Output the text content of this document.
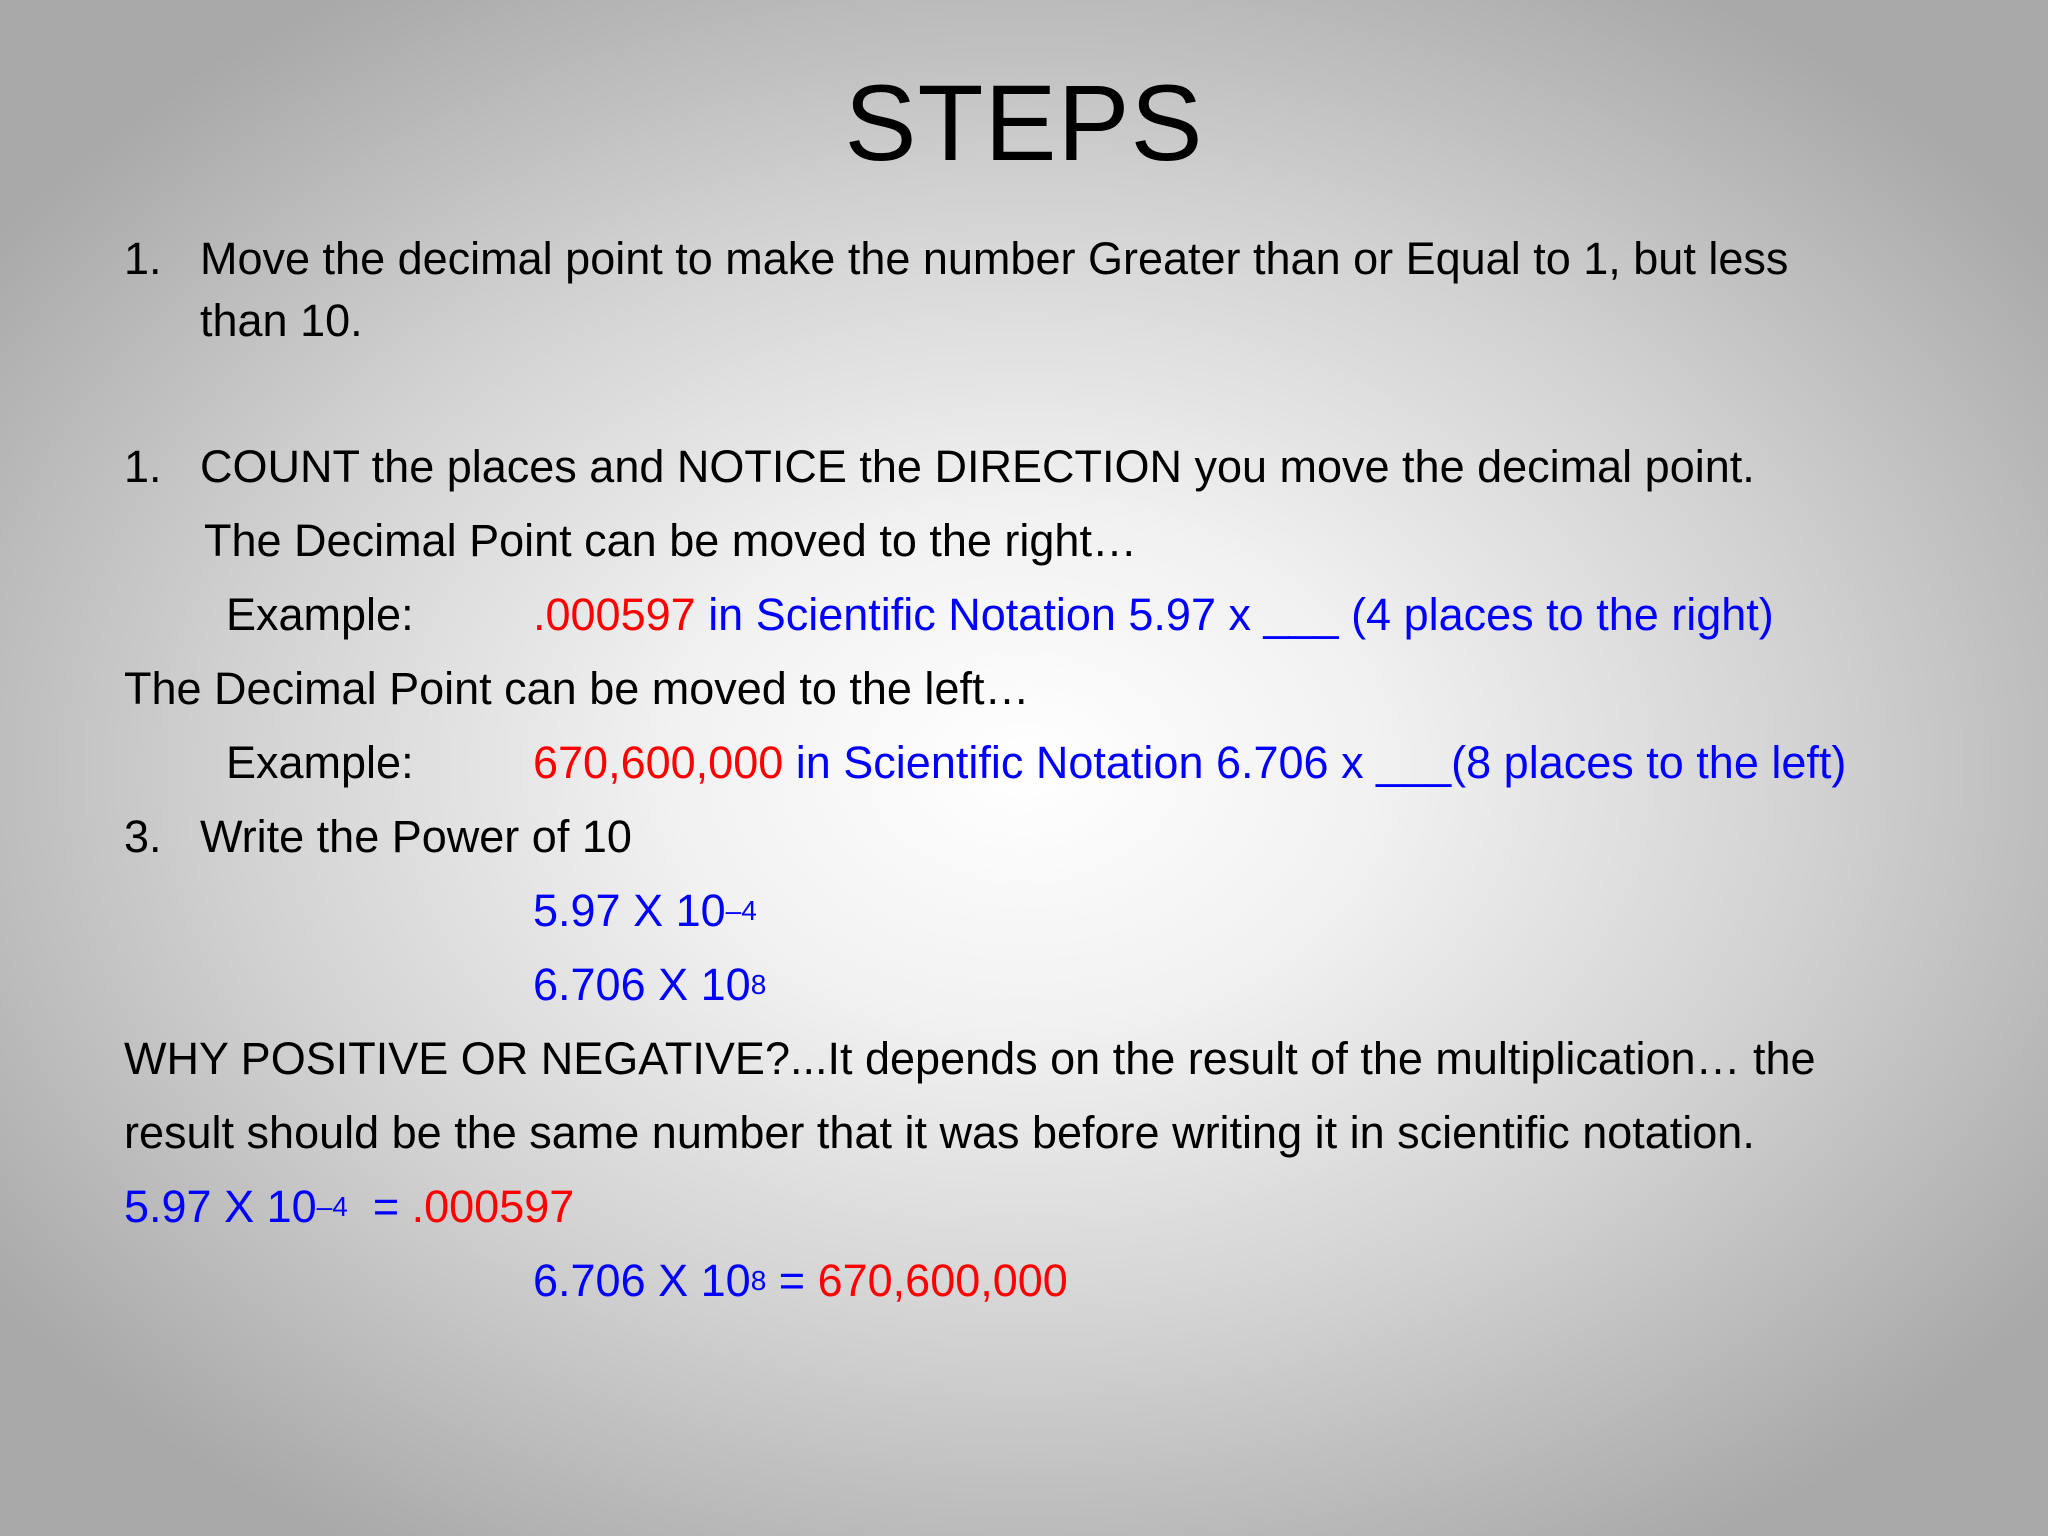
STEPS
1. Move the decimal point to make the number Greater than or Equal to 1, but less
than 10.
1. COUNT the places and NOTICE the DIRECTION you move the decimal point.
The Decimal Point can be moved to the right…
Example:	.000597 in Scientific Notation 5.97 x ___ (4 places to the right)
The Decimal Point can be moved to the left…
Example:	670,600,000 in Scientific Notation 6.706 x ___(8 places to the left)
3. Write the Power of 10
5.97 X $10^{-4}$
6.706 X $10^8$
WHY POSITIVE OR NEGATIVE?...It depends on the result of the multiplication… the
result should be the same number that it was before writing it in scientific notation.
5.97 X $10^{-4} = .000597$
6.706 X $10^8 = 670,600,000$
